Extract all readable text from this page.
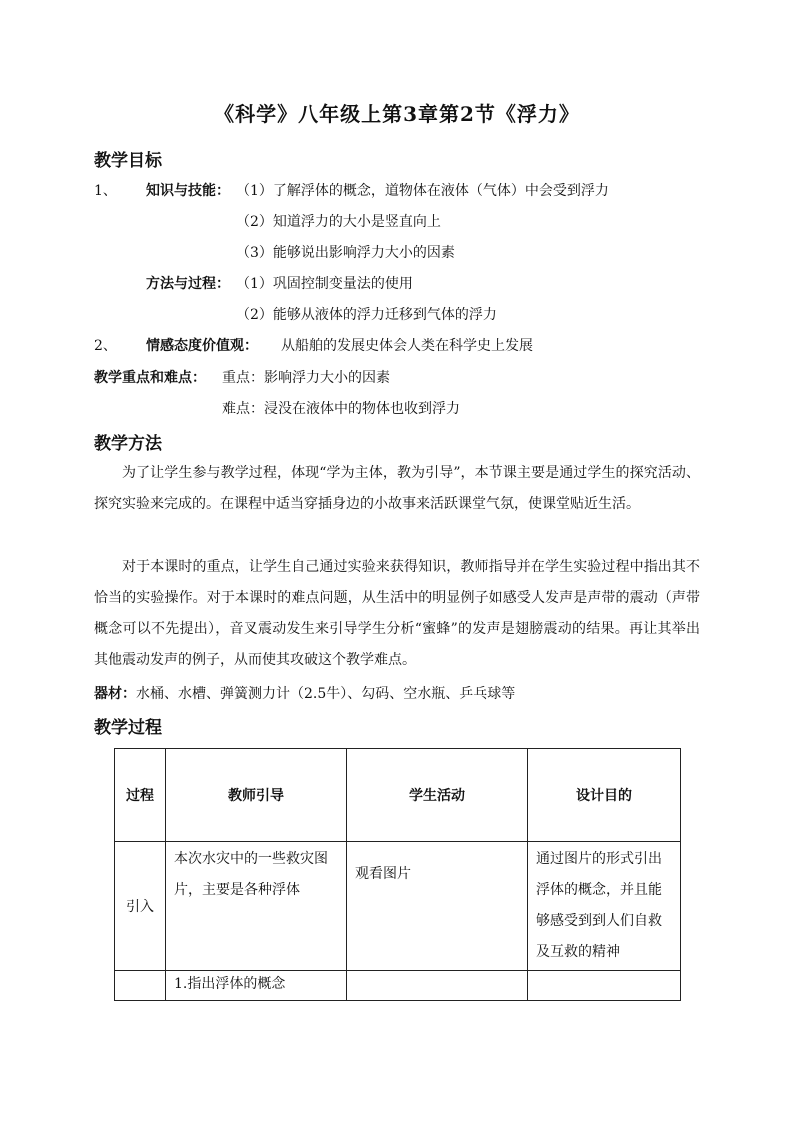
《科学》八年级上第3章第2节《浮力》
教学目标
1、 知识与技能： （1）了解浮体的概念，道物体在液体（气体）中会受到浮力
（2）知道浮力的大小是竖直向上
（3）能够说出影响浮力大小的因素
方法与过程： （1）巩固控制变量法的使用
（2）能够从液体的浮力迁移到气体的浮力
2、 情感态度价值观： 从船舶的发展史体会人类在科学史上发展
教学重点和难点： 重点：影响浮力大小的因素
难点：浸没在液体中的物体也收到浮力
教学方法
为了让学生参与教学过程，体现“学为主体，教为引导”，本节课主要是通过学生的探究活动、探究实验来完成的。在课程中适当穿插身边的小故事来活跃课堂气氛，使课堂贴近生活。
对于本课时的重点，让学生自己通过实验来获得知识，教师指导并在学生实验过程中指出其不恰当的实验操作。对于本课时的难点问题，从生活中的明显例子如感受人发声是声带的震动（声带概念可以不先提出），音叉震动发生来引导学生分析“蜜蜂”的发声是翅膀震动的结果。再让其举出其他震动发声的例子，从而使其攻破这个教学难点。
器材：水桶、水槽、弹簧测力计（2.5牛）、勾码、空水瓶、乒乓球等
教学过程
过程	教师引导	学生活动	设计目的
引入	本次水灾中的一些救灾图片，主要是各种浮体	观看图片	通过图片的形式引出浮体的概念，并且能够感受到到人们自救及互救的精神

	1.指出浮体的概念		
